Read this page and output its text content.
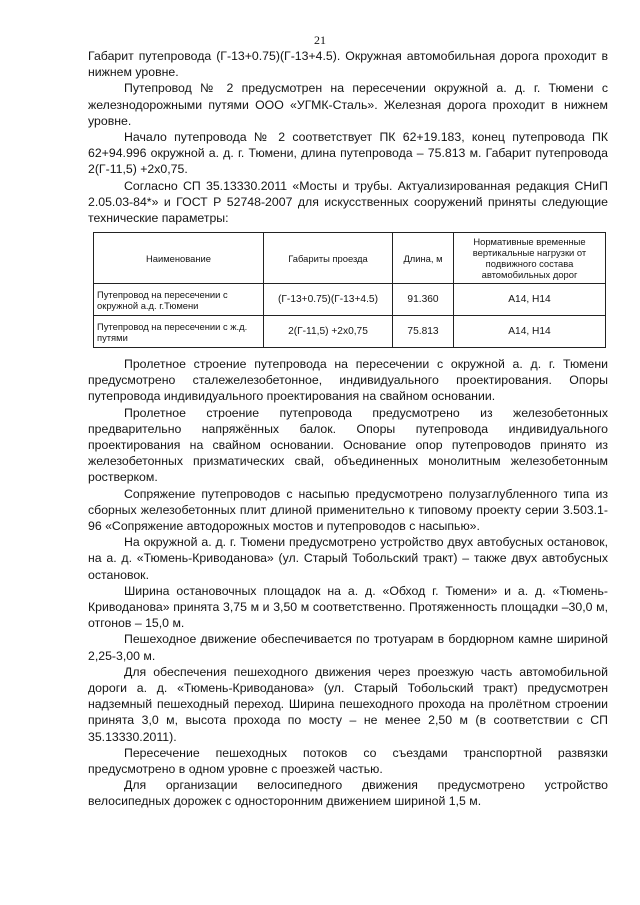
21

Габарит путепровода (Г-13+0.75)(Г-13+4.5). Окружная автомобильная дорога проходит в нижнем уровне.

Путепровод № 2 предусмотрен на пересечении окружной а. д. г. Тюмени с железнодорожными путями ООО «УГМК-Сталь». Железная дорога проходит в нижнем уровне.

Начало путепровода № 2 соответствует ПК 62+19.183, конец путепровода ПК 62+94.996 окружной а. д. г. Тюмени, длина путепровода – 75.813 м. Габарит путепровода 2(Г-11,5) +2х0,75.

Согласно СП 35.13330.2011 «Мосты и трубы. Актуализированная редакция СНиП 2.05.03-84*» и ГОСТ Р 52748-2007 для искусственных сооружений приняты следующие технические параметры:

Наименование	Габариты проезда	Длина, м	Нормативные временные вертикальные нагрузки от подвижного состава автомобильных дорог
Путепровод на пересечении с окружной а.д. г.Тюмени	(Г-13+0.75)(Г-13+4.5)	91.360	А14, Н14
Путепровод на пересечении с ж.д. путями	2(Г-11,5) +2х0,75	75.813	А14, Н14

Пролетное строение путепровода на пересечении с окружной а. д. г. Тюмени предусмотрено сталежелезобетонное, индивидуального проектирования. Опоры путепровода индивидуального проектирования на свайном основании.

Пролетное строение путепровода предусмотрено из железобетонных предварительно напряжённых балок. Опоры путепровода индивидуального проектирования на свайном основании. Основание опор путепроводов принято из железобетонных призматических свай, объединенных монолитным железобетонным ростверком.

Сопряжение путепроводов с насыпью предусмотрено полузаглубленного типа из сборных железобетонных плит длиной применительно к типовому проекту серии 3.503.1-96 «Сопряжение автодорожных мостов и путепроводов с насыпью».

На окружной а. д. г. Тюмени предусмотрено устройство двух автобусных остановок, на а. д. «Тюмень-Криводанова» (ул. Старый Тобольский тракт) – также двух автобусных остановок.

Ширина остановочных площадок на а. д. «Обход г. Тюмени» и а. д. «Тюмень-Криводанова» принята 3,75 м и 3,50 м соответственно. Протяженность площадки –30,0 м, отгонов – 15,0 м.

Пешеходное движение обеспечивается по тротуарам в бордюрном камне шириной 2,25-3,00 м.

Для обеспечения пешеходного движения через проезжую часть автомобильной дороги а. д. «Тюмень-Криводанова» (ул. Старый Тобольский тракт) предусмотрен надземный пешеходный переход. Ширина пешеходного прохода на пролётном строении принята 3,0 м, высота прохода по мосту – не менее 2,50 м (в соответствии с СП 35.13330.2011).

Пересечение пешеходных потоков со съездами транспортной развязки предусмотрено в одном уровне с проезжей частью.

Для организации велосипедного движения предусмотрено устройство велосипедных дорожек с односторонним движением шириной 1,5 м.
